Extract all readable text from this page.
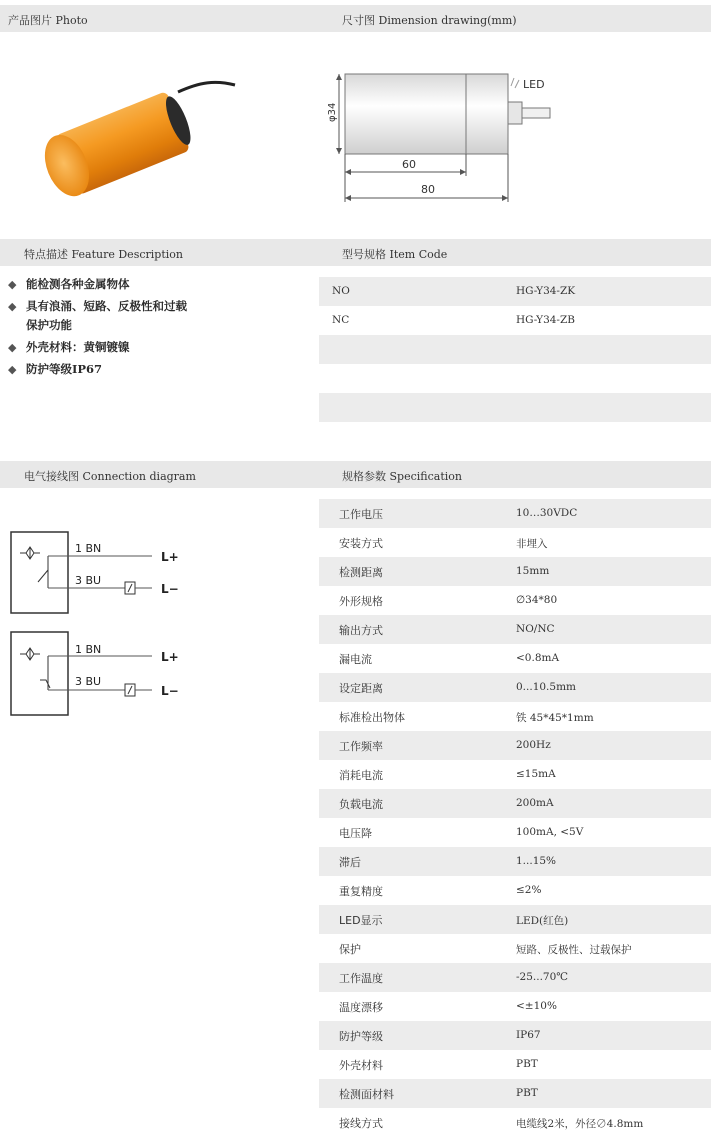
产品图片 Photo	尺寸图 Dimension drawing(mm)
LED
φ34
60
80
特点描述 Feature Description	型号规格 Item Code
◆ 能检测各种金属物体
◆ 具有浪涌、短路、反极性和过载保护功能
◆ 外壳材料：黄铜镀镍
◆ 防护等级IP67
NO	HG-Y34-ZK
NC	HG-Y34-ZB
电气接线图 Connection diagram	规格参数 Specification
1 BN
3 BU
L+
L−
1 BN
3 BU
L+
L−
工作电压	10…30VDC
安装方式	非埋入
检测距离	15mm
外形规格	∅34*80
输出方式	NO/NC
漏电流	<0.8mA
设定距离	0...10.5mm
标准检出物体	铁 45*45*1mm
工作频率	200Hz
消耗电流	≤15mA
负载电流	200mA
电压降	100mA, <5V
滞后	1...15%
重复精度	≤2%
LED显示	LED(红色)
保护	短路、反极性、过载保护
工作温度	-25...70℃
温度漂移	<±10%
防护等级	IP67
外壳材料	PBT
检测面材料	PBT
接线方式	电缆线2米，外径∅4.8mm
